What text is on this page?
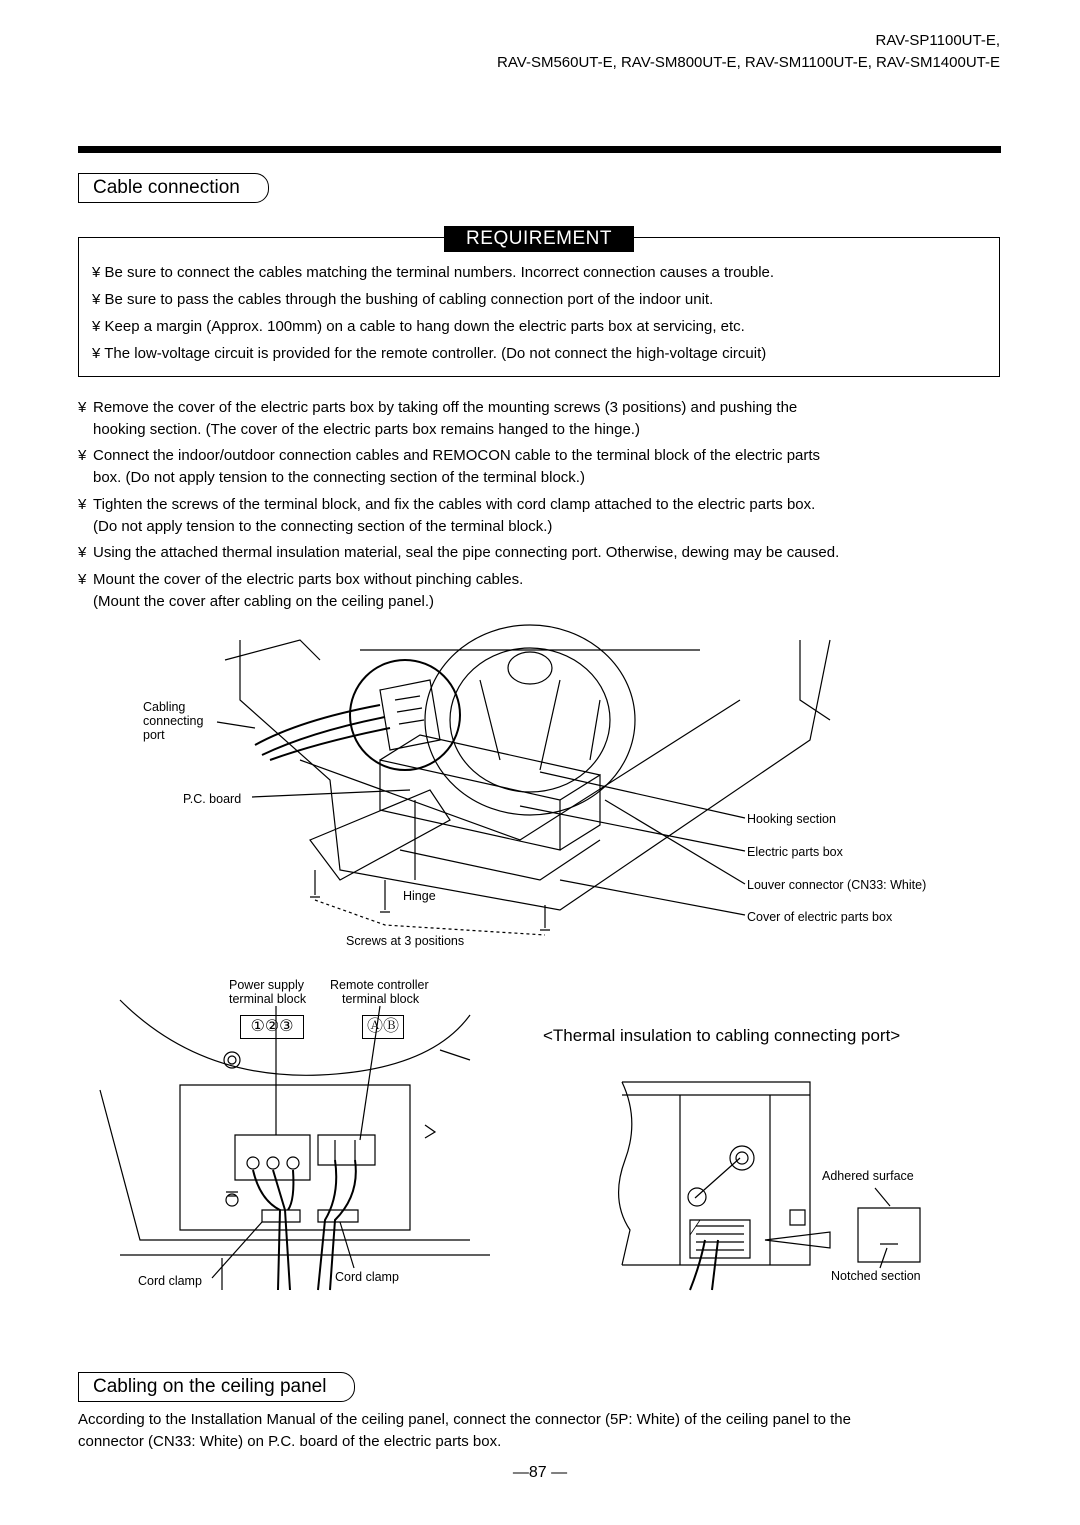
RAV-SP1100UT-E,
RAV-SM560UT-E, RAV-SM800UT-E, RAV-SM1100UT-E, RAV-SM1400UT-E
Cable connection
REQUIREMENT
¥ Be sure to connect the cables matching the terminal numbers. Incorrect connection causes a trouble.
¥ Be sure to pass the cables through the bushing of cabling connection port of the indoor unit.
¥ Keep a margin (Approx. 100mm) on a cable to hang down the electric parts box at servicing, etc.
¥ The low-voltage circuit is provided for the remote controller. (Do not connect the high-voltage circuit)
¥ Remove the cover of the electric parts box by taking off the mounting screws (3 positions) and pushing the
hooking section. (The cover of the electric parts box remains hanged to the hinge.)
¥ Connect the indoor/outdoor connection cables and REMOCON cable to the terminal block of the electric parts
box. (Do not apply tension to the connecting section of the terminal block.)
¥ Tighten the screws of the terminal block, and fix the cables with cord clamp attached to the electric parts box.
(Do not apply tension to the connecting section of the terminal block.)
¥ Using the attached thermal insulation material, seal the pipe connecting port. Otherwise, dewing may be caused.
¥ Mount the cover of the electric parts box without pinching cables.
(Mount the cover after cabling on the ceiling panel.)
Cabling
connecting
port
P.C. board
Hooking section
Electric parts box
Louver connector (CN33: White)
Cover of electric parts box
Hinge
Screws at 3 positions
Power supply
terminal block
Remote controller
terminal block
①②③	ⒶⒷ
Cord clamp	Cord clamp
<Thermal insulation to cabling connecting port>
Adhered surface
Notched section
Cabling on the ceiling panel
According to the Installation Manual of the ceiling panel, connect the connector (5P: White) of the ceiling panel to the
connector (CN33: White) on P.C. board of the electric parts box.
—87 —
